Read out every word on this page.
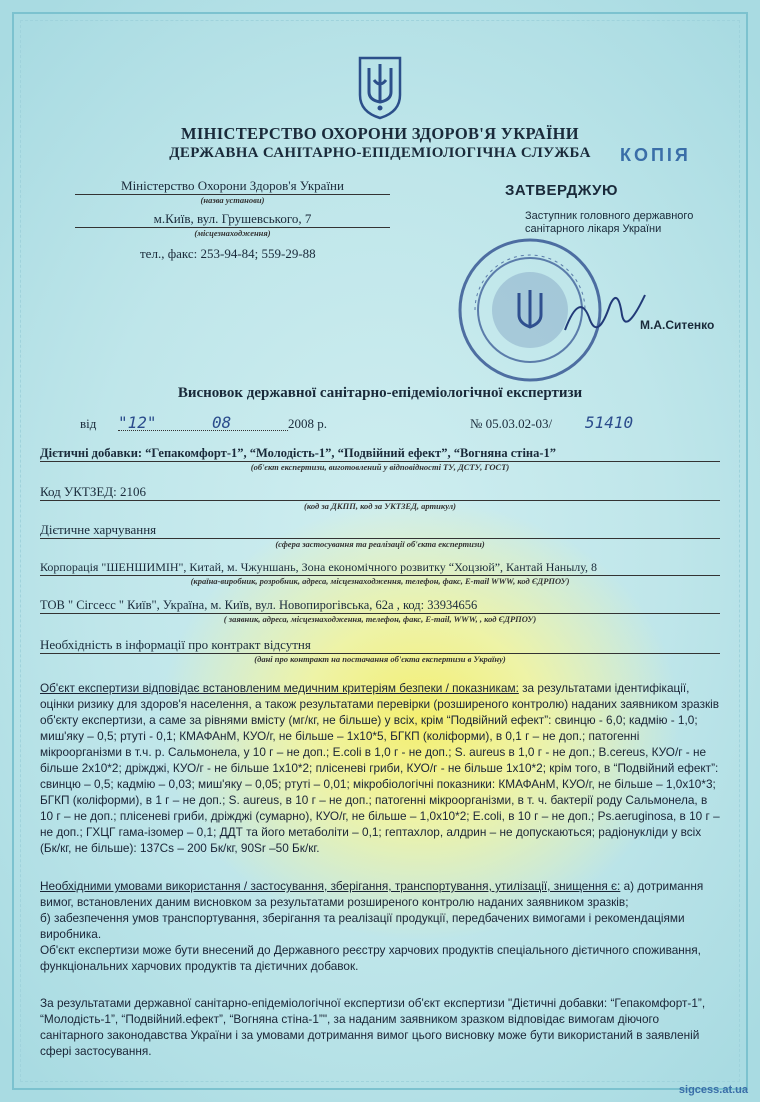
МІНІСТЕРСТВО ОХОРОНИ ЗДОРОВ'Я УКРАЇНИ
ДЕРЖАВНА САНІТАРНО-ЕПІДЕМІОЛОГІЧНА СЛУЖБА	КОПІЯ
Міністерство Охорони Здоров'я України
(назва установи)
м.Київ, вул. Грушевського, 7
(місцезнаходження)
тел., факс: 253-94-84; 559-29-88
ЗАТВЕРДЖУЮ
Заступник головного державного санітарного лікаря України
М.А.Ситенко
Висновок державної санітарно-епідеміологічної експертизи
від "12"	08	2008 р.	№ 05.03.02-03/ 51410
Дієтичні добавки: “Гепакомфорт-1”, “Молодість-1”, “Подвійний ефект”, “Вогняна стіна-1”
(об'єкт експертизи, виготовлений у відповідності ТУ, ДСТУ, ГОСТ)
Код УКТЗЕД: 2106
(код за ДКПП, код за УКТЗЕД, артикул)
Дієтичне харчування
(сфера застосування та реалізації об'єкта експертизи)
Корпорація "ШЕНШИМІН", Китай, м. Чжуншань, Зона економічного розвитку “Хоцзюй”, Кантай Нанылу, 8
(країна-виробник, розробник, адреса, місцезнаходження, телефон, факс, E-mail WWW, код ЄДРПОУ)
ТОВ " Сігсесс " Київ", Україна, м. Київ, вул. Новопирогівська, 62а , код: 33934656
( заявник, адреса, місцезнаходження, телефон, факс, E-mail, WWW, , код ЄДРПОУ)
Необхідність в інформації про контракт відсутня
(дані про контракт на постачання об'єкта експертизи в Україну)

Об'єкт експертизи відповідає встановленим медичним критеріям безпеки / показникам: за результатами ідентифікації, оцінки ризику для здоров'я населення, а також результатами перевірки (розширеного контролю) наданих заявником зразків об'єкту експертизи, а саме за рівнями вмісту (мг/кг, не більше) у всіх, крім “Подвійний ефект”: свинцю - 6,0; кадмію - 1,0; миш'яку – 0,5; ртуті - 0,1; КМАФАнМ, КУО/г, не більше – 1х10*5, БГКП (коліформи), в 0,1 г – не доп.; патогенні мікроорганізми в т.ч. р. Сальмонела, у 10 г – не доп.; E.coli в 1,0 г - не доп.; S. aureus в 1,0 г - не доп.; B.cereus, КУО/г - не більше 2х10*2; дріжджі, КУО/г - не більше 1х10*2; плісеневі гриби, КУО/г - не більше 1х10*2; крім того, в “Подвійний ефект”: свинцю – 0,5; кадмію – 0,03; миш'яку – 0,05; ртуті – 0,01; мікробіологічні показники: КМАФАнМ, КУО/г, не більше – 1,0х10*3; БГКП (коліформи), в 1 г – не доп.; S. aureus, в 10 г – не доп.; патогенні мікроорганізми, в т. ч. бактерії роду Сальмонела, в 10 г – не доп.; плісеневі гриби, дріжджі (сумарно), КУО/г, не більше – 1,0х10*2; E.coli, в 10 г – не доп.; Ps.aeruginosa, в 10 г – не доп.; ГХЦГ гама-ізомер – 0,1; ДДТ та його метаболіти – 0,1; гептахлор, алдрин – не допускаються; радіонукліди у всіх (Бк/кг, не більше): 137Cs – 200 Бк/кг, 90Sr –50 Бк/кг.

Необхідними умовами використання / застосування, зберігання, транспортування, утилізації, знищення є: а) дотримання вимог, встановлених даним висновком за результатами розширеного контролю наданих заявником зразків;

б) забезпечення умов транспортування, зберігання та реалізації продукції, передбачених вимогами і рекомендаціями виробника.

Об'єкт експертизи може бути внесений до Державного реєстру харчових продуктів спеціального дієтичного споживання, функціональних харчових продуктів та дієтичних добавок.

За результатами державної санітарно-епідеміологічної експертизи об'єкт експертизи "Дієтичні добавки: “Гепакомфорт-1”, “Молодість-1”, “Подвійний.ефект”, “Вогняна стіна-1”", за наданим заявником зразком відповідає вимогам діючого санітарного законодавства України і за умовами дотримання вимог цього висновку може бути використаний в заявленій сфері застосування.

sigcess.at.ua
